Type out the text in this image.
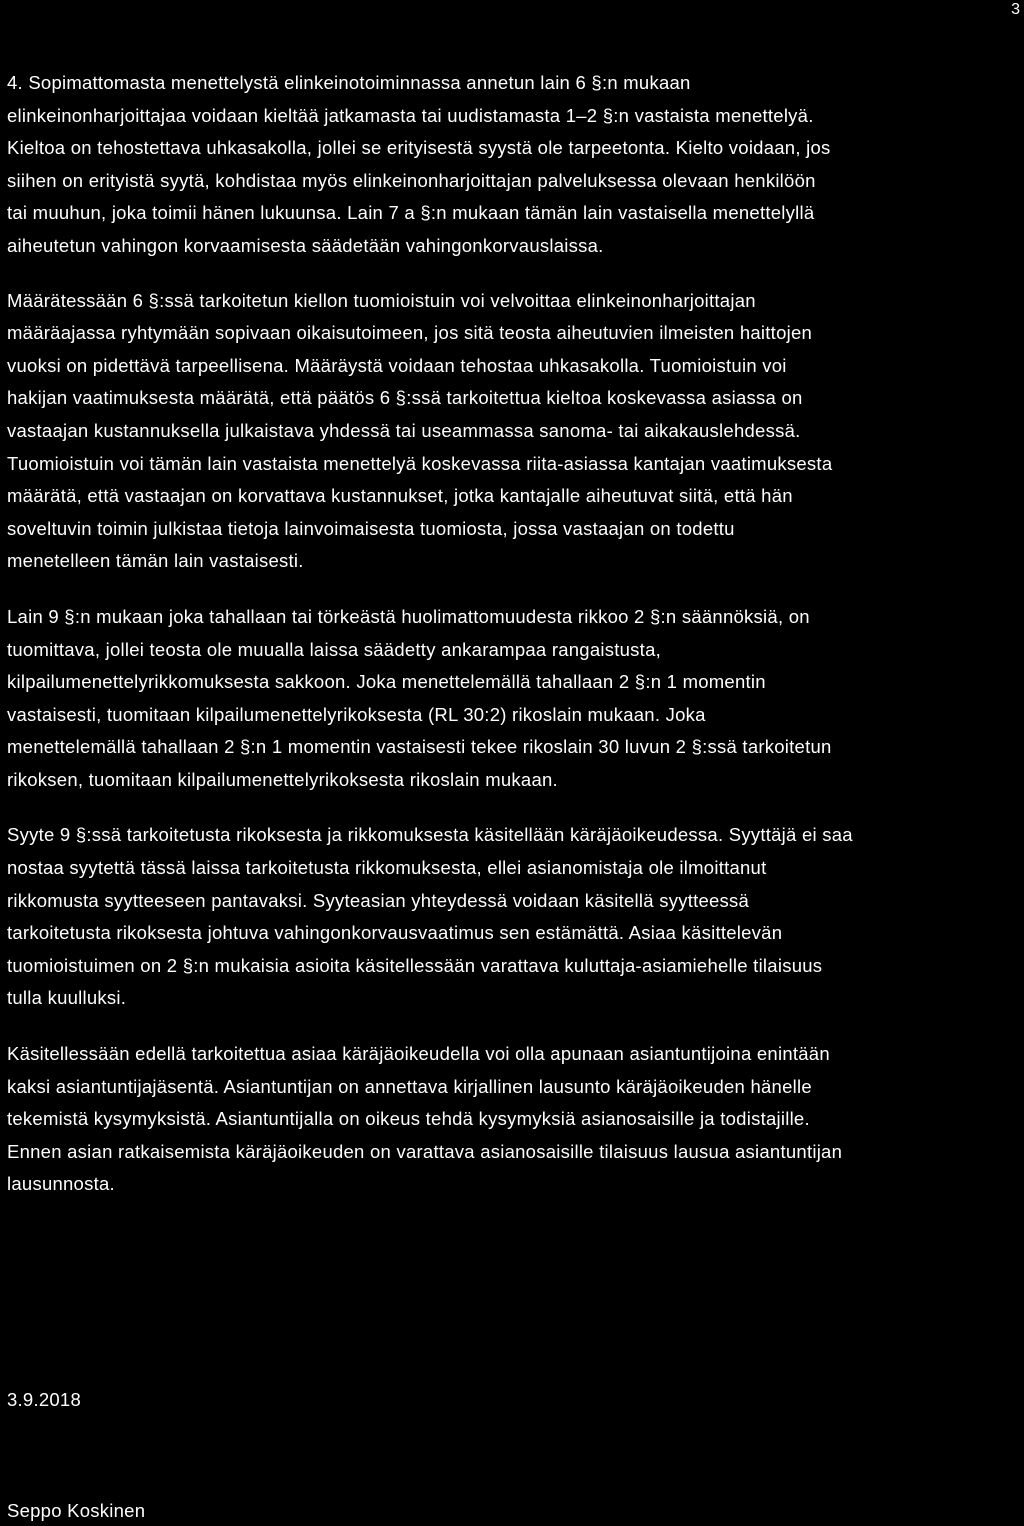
3

4. Sopimattomasta menettelystä elinkeinotoiminnassa annetun lain 6 §:n mukaan
elinkeinonharjoittajaa voidaan kieltää jatkamasta tai uudistamasta 1–2 §:n vastaista menettelyä.
Kieltoa on tehostettava uhkasakolla, jollei se erityisestä syystä ole tarpeetonta. Kielto voidaan, jos
siihen on erityistä syytä, kohdistaa myös elinkeinonharjoittajan palveluksessa olevaan henkilöön
tai muuhun, joka toimii hänen lukuunsa. Lain 7 a §:n mukaan tämän lain vastaisella menettelyllä
aiheutetun vahingon korvaamisesta säädetään vahingonkorvauslaissa.

Määrätessään 6 §:ssä tarkoitetun kiellon tuomioistuin voi velvoittaa elinkeinonharjoittajan
määräajassa ryhtymään sopivaan oikaisutoimeen, jos sitä teosta aiheutuvien ilmeisten haittojen
vuoksi on pidettävä tarpeellisena. Määräystä voidaan tehostaa uhkasakolla. Tuomioistuin voi
hakijan vaatimuksesta määrätä, että päätös 6 §:ssä tarkoitettua kieltoa koskevassa asiassa on
vastaajan kustannuksella julkaistava yhdessä tai useammassa sanoma- tai aikakauslehdessä.
Tuomioistuin voi tämän lain vastaista menettelyä koskevassa riita-asiassa kantajan vaatimuksesta
määrätä, että vastaajan on korvattava kustannukset, jotka kantajalle aiheutuvat siitä, että hän
soveltuvin toimin julkistaa tietoja lainvoimaisesta tuomiosta, jossa vastaajan on todettu
menetelleen tämän lain vastaisesti.

Lain 9 §:n mukaan joka tahallaan tai törkeästä huolimattomuudesta rikkoo 2 §:n säännöksiä, on
tuomittava, jollei teosta ole muualla laissa säädetty ankarampaa rangaistusta,
kilpailumenettelyrikkomuksesta sakkoon. Joka menettelemällä tahallaan 2 §:n 1 momentin
vastaisesti, tuomitaan kilpailumenettelyrikoksesta (RL 30:2) rikoslain mukaan. Joka
menettelemällä tahallaan 2 §:n 1 momentin vastaisesti tekee rikoslain 30 luvun 2 §:ssä tarkoitetun
rikoksen, tuomitaan kilpailumenettelyrikoksesta rikoslain mukaan.

Syyte 9 §:ssä tarkoitetusta rikoksesta ja rikkomuksesta käsitellään käräjäoikeudessa. Syyttäjä ei saa
nostaa syytettä tässä laissa tarkoitetusta rikkomuksesta, ellei asianomistaja ole ilmoittanut
rikkomusta syytteeseen pantavaksi. Syyteasian yhteydessä voidaan käsitellä syytteessä
tarkoitetusta rikoksesta johtuva vahingonkorvausvaatimus sen estämättä. Asiaa käsittelevän
tuomioistuimen on 2 §:n mukaisia asioita käsitellessään varattava kuluttaja-asiamiehelle tilaisuus
tulla kuulluksi.

Käsitellessään edellä tarkoitettua asiaa käräjäoikeudella voi olla apunaan asiantuntijoina enintään
kaksi asiantuntijajäsentä. Asiantuntijan on annettava kirjallinen lausunto käräjäoikeuden hänelle
tekemistä kysymyksistä. Asiantuntijalla on oikeus tehdä kysymyksiä asianosaisille ja todistajille.
Ennen asian ratkaisemista käräjäoikeuden on varattava asianosaisille tilaisuus lausua asiantuntijan
lausunnosta.

3.9.2018
Seppo Koskinen
